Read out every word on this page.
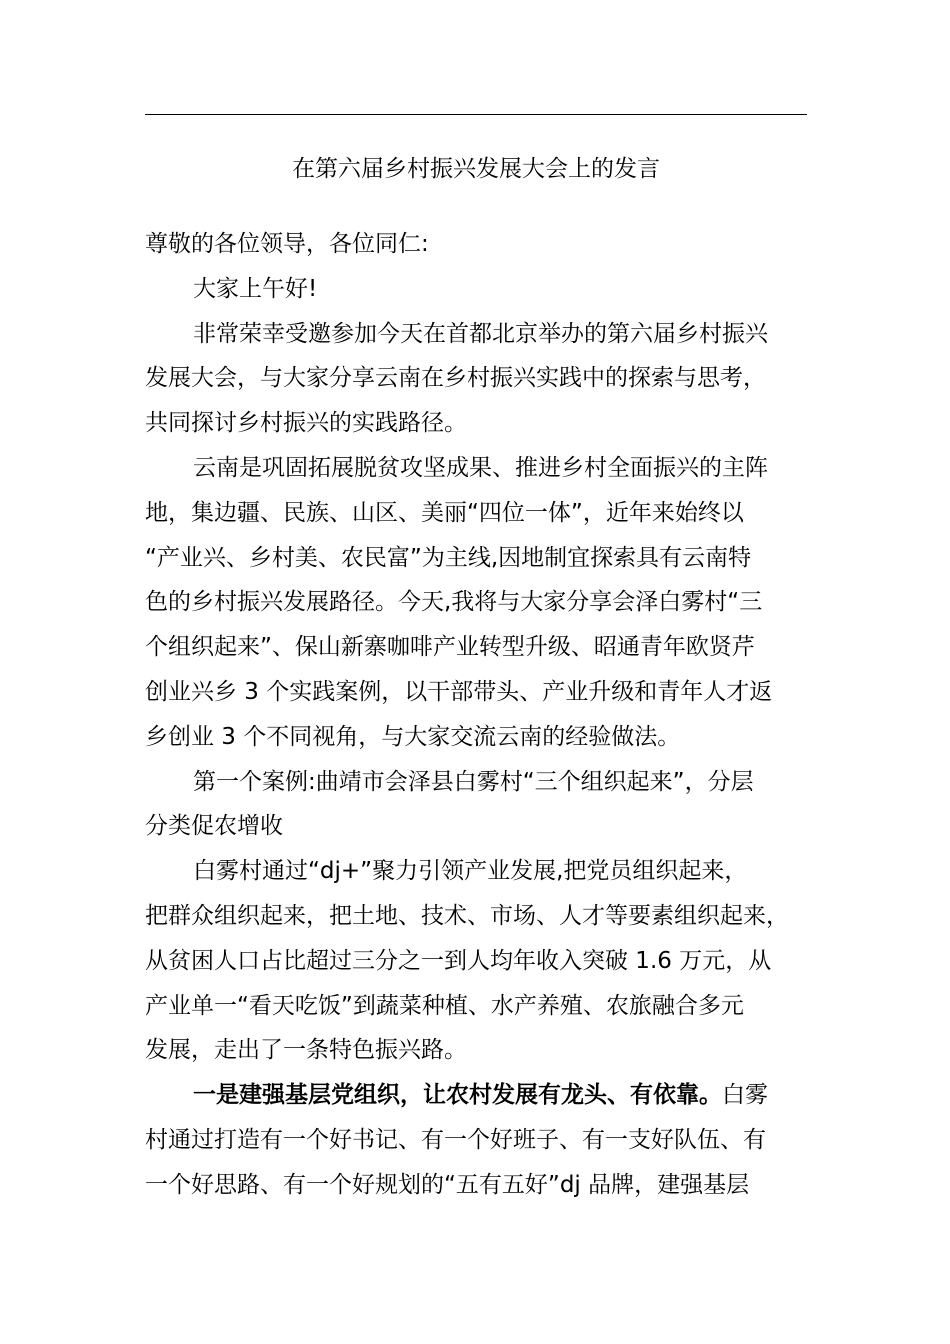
在第六届乡村振兴发展大会上的发言
尊敬的各位领导，各位同仁:
大家上午好!
非常荣幸受邀参加今天在首都北京举办的第六届乡村振兴
发展大会，与大家分享云南在乡村振兴实践中的探索与思考，
共同探讨乡村振兴的实践路径。
云南是巩固拓展脱贫攻坚成果、推进乡村全面振兴的主阵
地，集边疆、民族、山区、美丽“四位一体”，近年来始终以
“产业兴、乡村美、农民富”为主线,因地制宜探索具有云南特
色的乡村振兴发展路径。今天,我将与大家分享会泽白雾村“三
个组织起来”、保山新寨咖啡产业转型升级、昭通青年欧贤芹
创业兴乡 3 个实践案例，以干部带头、产业升级和青年人才返
乡创业 3 个不同视角，与大家交流云南的经验做法。
第一个案例:曲靖市会泽县白雾村“三个组织起来”，分层
分类促农增收
白雾村通过“dj+”聚力引领产业发展,把党员组织起来，
把群众组织起来，把土地、技术、市场、人才等要素组织起来，
从贫困人口占比超过三分之一到人均年收入突破 1.6 万元，从
产业单一“看天吃饭”到蔬菜种植、水产养殖、农旅融合多元
发展，走出了一条特色振兴路。
一是建强基层党组织，让农村发展有龙头、有依靠。白雾
村通过打造有一个好书记、有一个好班子、有一支好队伍、有
一个好思路、有一个好规划的“五有五好”dj 品牌，建强基层
